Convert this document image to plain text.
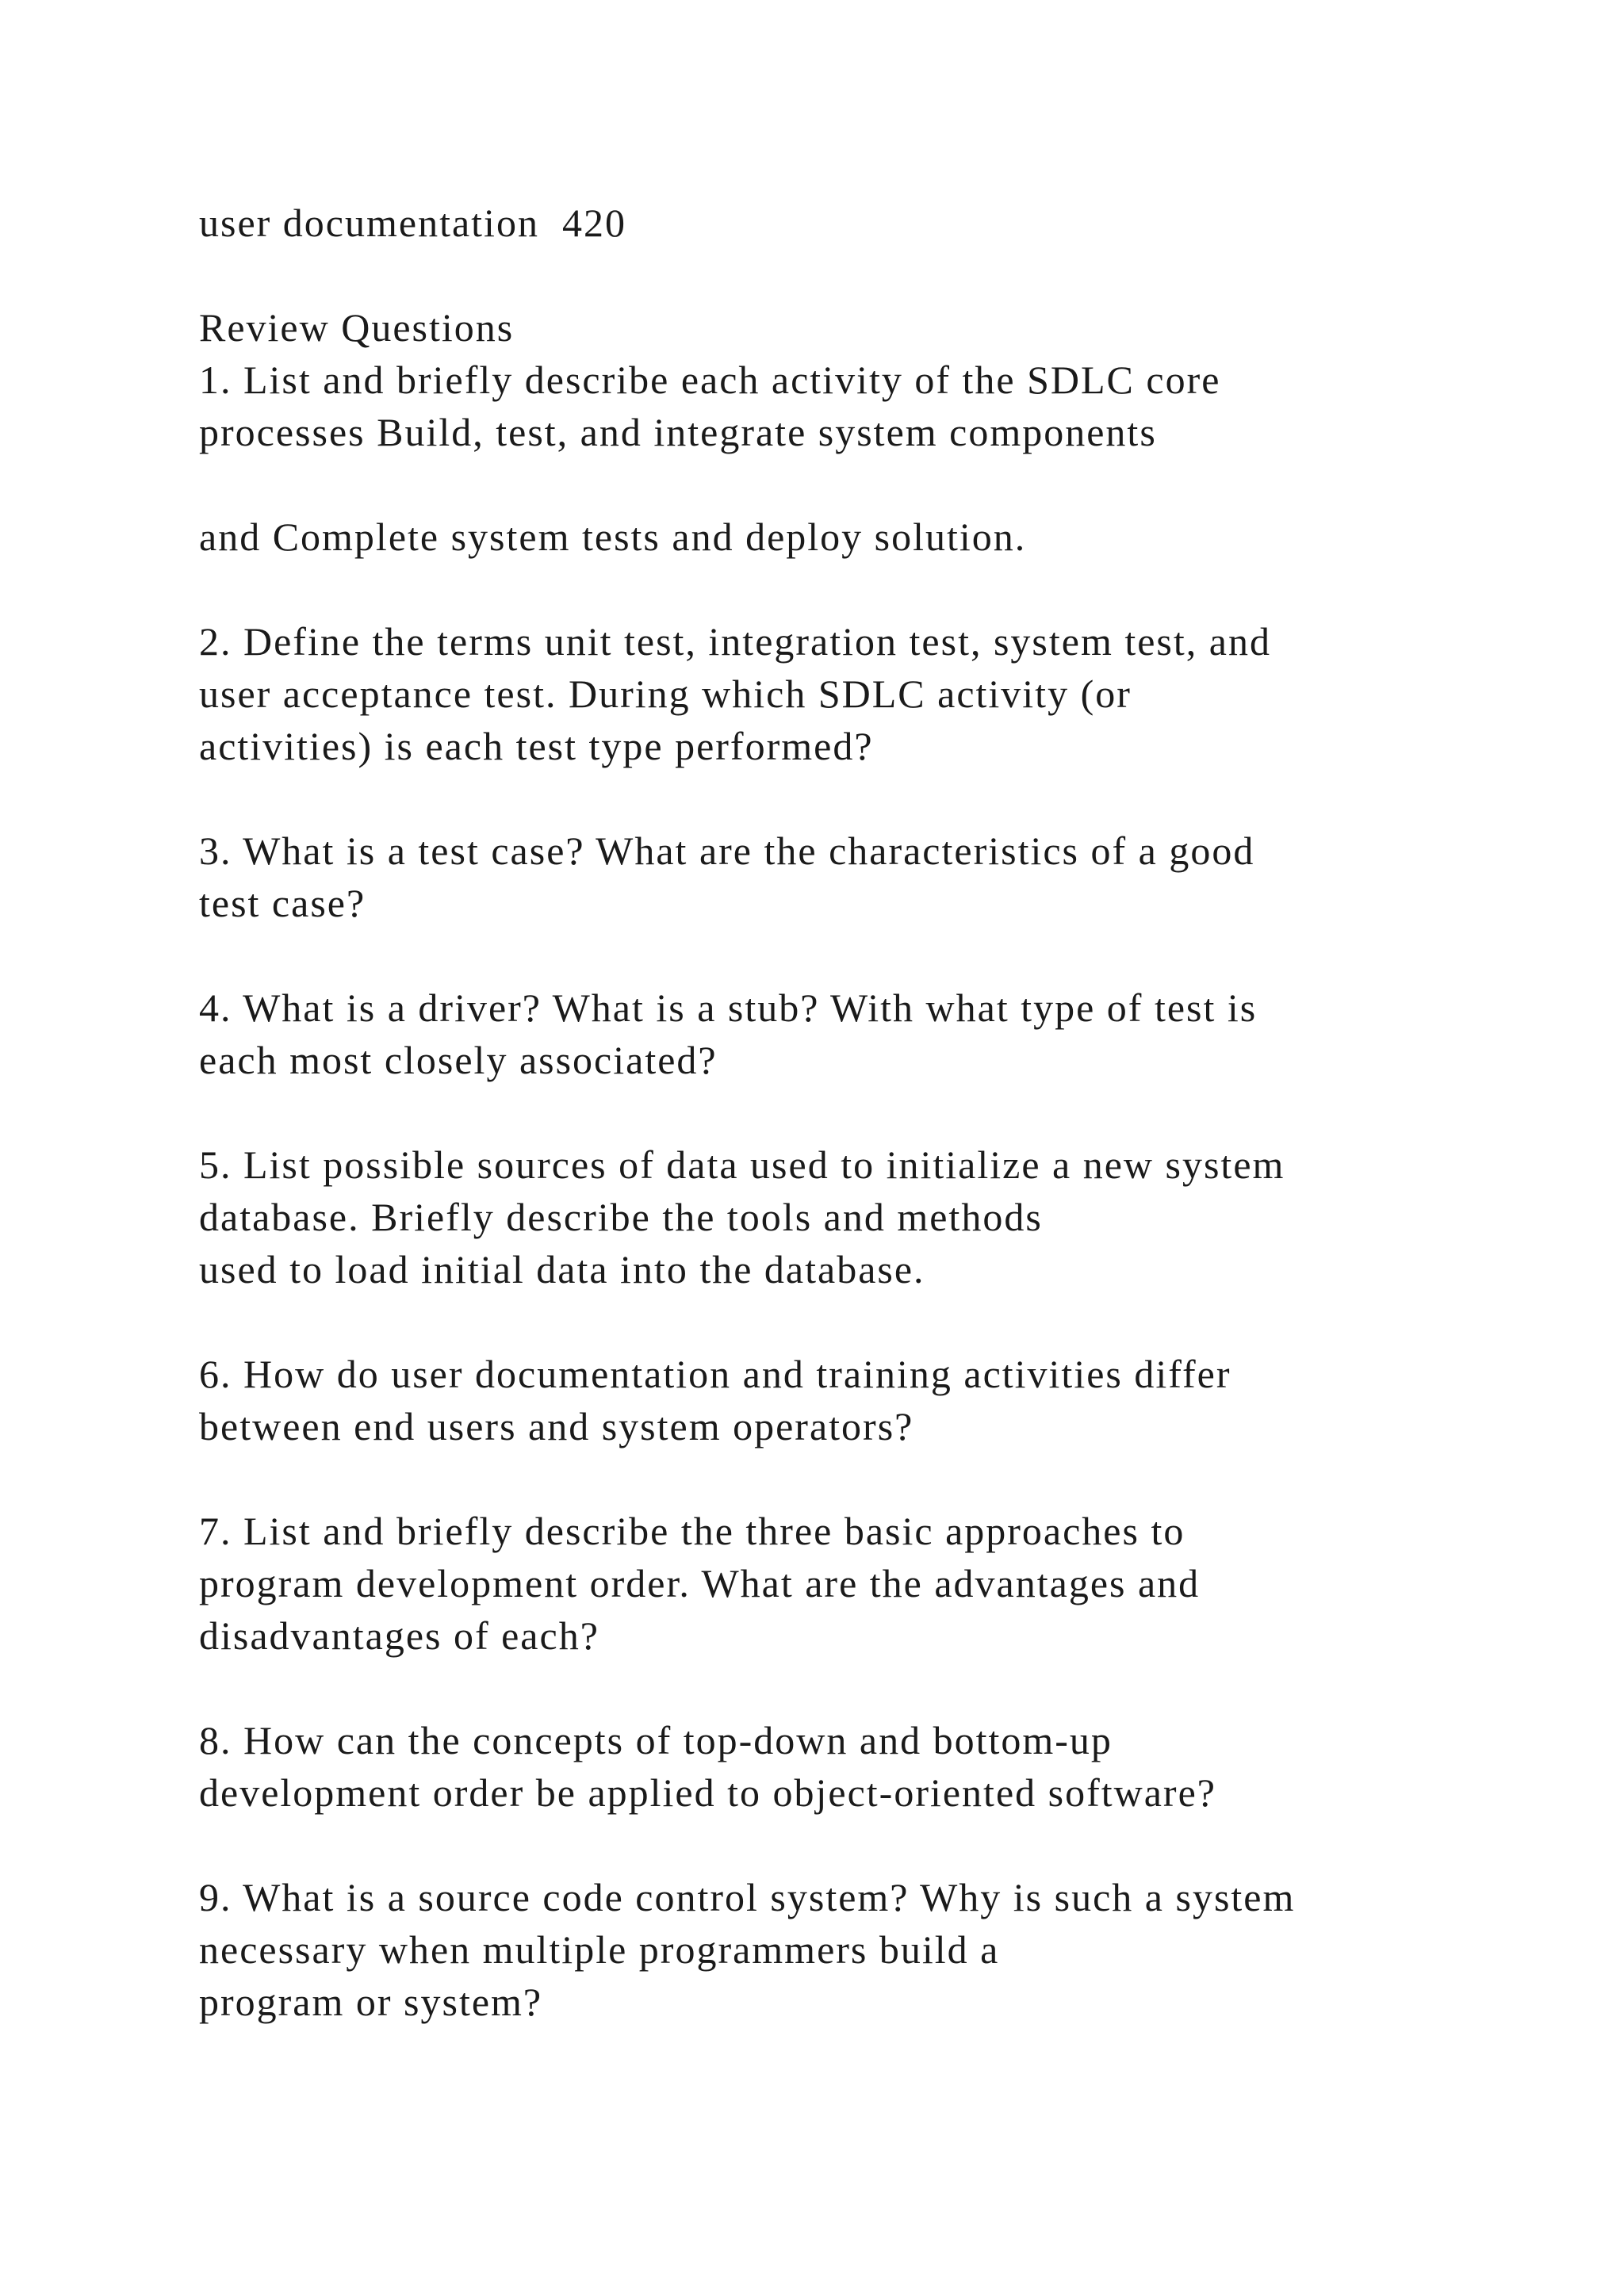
user documentation  420

Review Questions

1. List and briefly describe each activity of the SDLC core

processes Build, test, and integrate system components

and Complete system tests and deploy solution.

2. Define the terms unit test, integration test, system test, and

user acceptance test. During which SDLC activity (or

activities) is each test type performed?

3. What is a test case? What are the characteristics of a good

test case?

4. What is a driver? What is a stub? With what type of test is

each most closely associated?

5. List possible sources of data used to initialize a new system

database. Briefly describe the tools and methods

used to load initial data into the database.

6. How do user documentation and training activities differ

between end users and system operators?

7. List and briefly describe the three basic approaches to

program development order. What are the advantages and

disadvantages of each?

8. How can the concepts of top-down and bottom-up

development order be applied to object-oriented software?

9. What is a source code control system? Why is such a system

necessary when multiple programmers build a

program or system?
